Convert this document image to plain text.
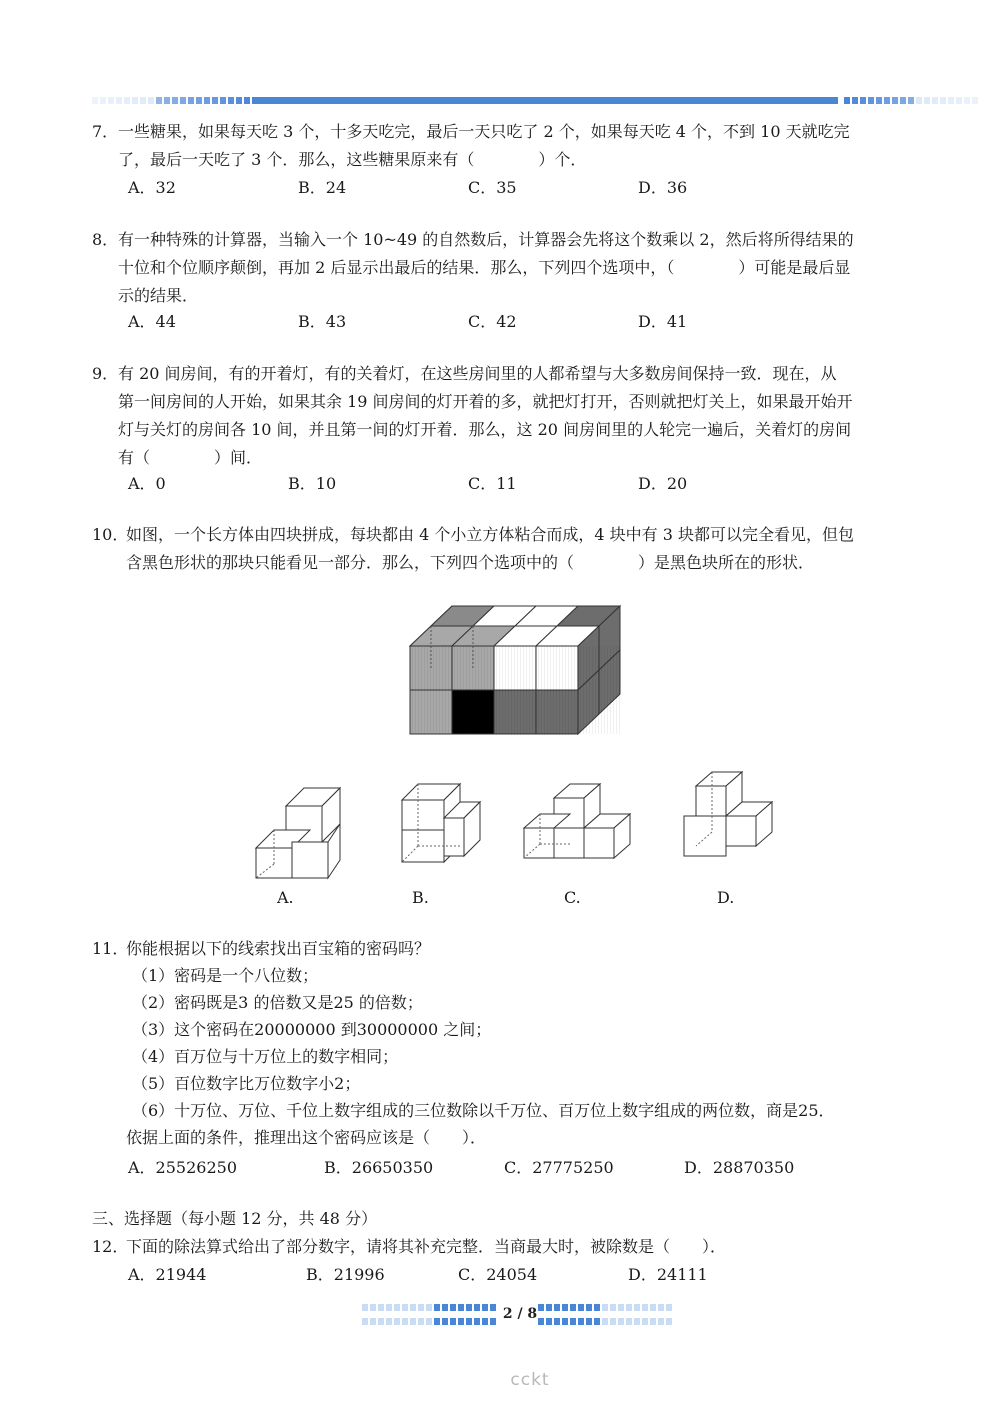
7． 一些糖果，如果每天吃 3 个，十多天吃完，最后一天只吃了 2 个，如果每天吃 4 个，不到 10 天就吃完
了，最后一天吃了 3 个．那么，这些糖果原来有（　　　　）个．
A．32	B．24	C．35	D．36
8． 有一种特殊的计算器，当输入一个 10~49 的自然数后，计算器会先将这个数乘以 2，然后将所得结果的
十位和个位顺序颠倒，再加 2 后显示出最后的结果．那么，下列四个选项中，（　　　　）可能是最后显
示的结果．
A．44	B．43	C．42	D．41
9． 有 20 间房间，有的开着灯，有的关着灯，在这些房间里的人都希望与大多数房间保持一致．现在，从
第一间房间的人开始，如果其余 19 间房间的灯开着的多，就把灯打开，否则就把灯关上，如果最开始开
灯与关灯的房间各 10 间，并且第一间的灯开着．那么，这 20 间房间里的人轮完一遍后，关着灯的房间
有（　　　　）间．
A．0	B．10	C．11	D．20
10．
如图，一个长方体由四块拼成，每块都由 4 个小立方体粘合而成，4 块中有 3 块都可以完全看见，但包
含黑色形状的那块只能看见一部分．那么，下列四个选项中的（　　　　）是黑色块所在的形状．
A.	B.	C.	D.
11．
你能根据以下的线索找出百宝箱的密码吗？
（1）密码是一个八位数；
（2）密码既是3 的倍数又是25 的倍数；
（3）这个密码在20000000 到30000000 之间；
（4）百万位与十万位上的数字相同；
（5）百位数字比万位数字小2；
（6）十万位、万位、千位上数字组成的三位数除以千万位、百万位上数字组成的两位数，商是25．
依据上面的条件，推理出这个密码应该是（　　）．
A．25526250	B．26650350	C．27775250	D．28870350
三、选择题（每小题 12 分，共 48 分）
12．
下面的除法算式给出了部分数字，请将其补充完整．当商最大时，被除数是（　　）．
A．21944	B．21996	C．24054	D．24111
2 / 8
cckt
